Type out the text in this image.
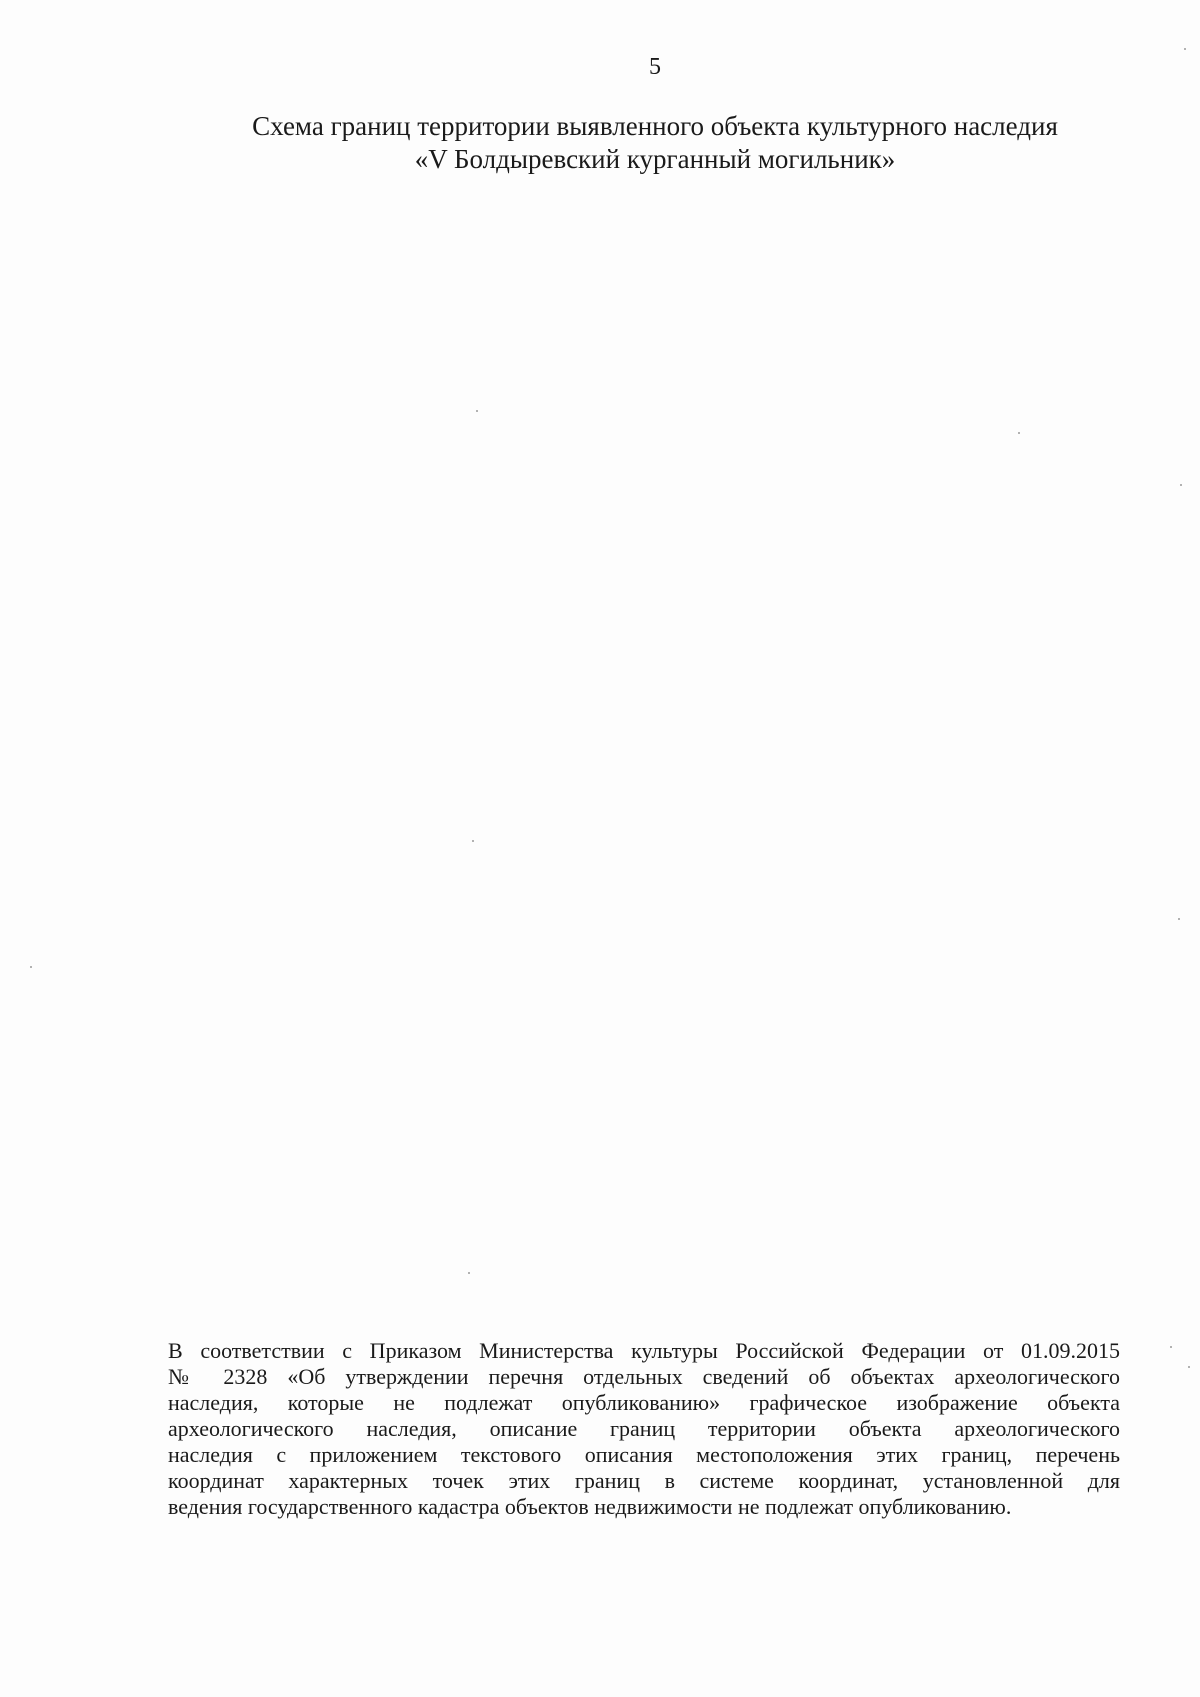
5
Схема границ территории выявленного объекта культурного наследия
«V Болдыревский курганный могильник»
В соответствии с Приказом Министерства культуры Российской Федерации от 01.09.2015
№ 2328 «Об утверждении перечня отдельных сведений об объектах археологического
наследия, которые не подлежат опубликованию» графическое изображение объекта
археологического наследия, описание границ территории объекта археологического
наследия с приложением текстового описания местоположения этих границ, перечень
координат характерных точек этих границ в системе координат, установленной для
ведения государственного кадастра объектов недвижимости не подлежат опубликованию.
